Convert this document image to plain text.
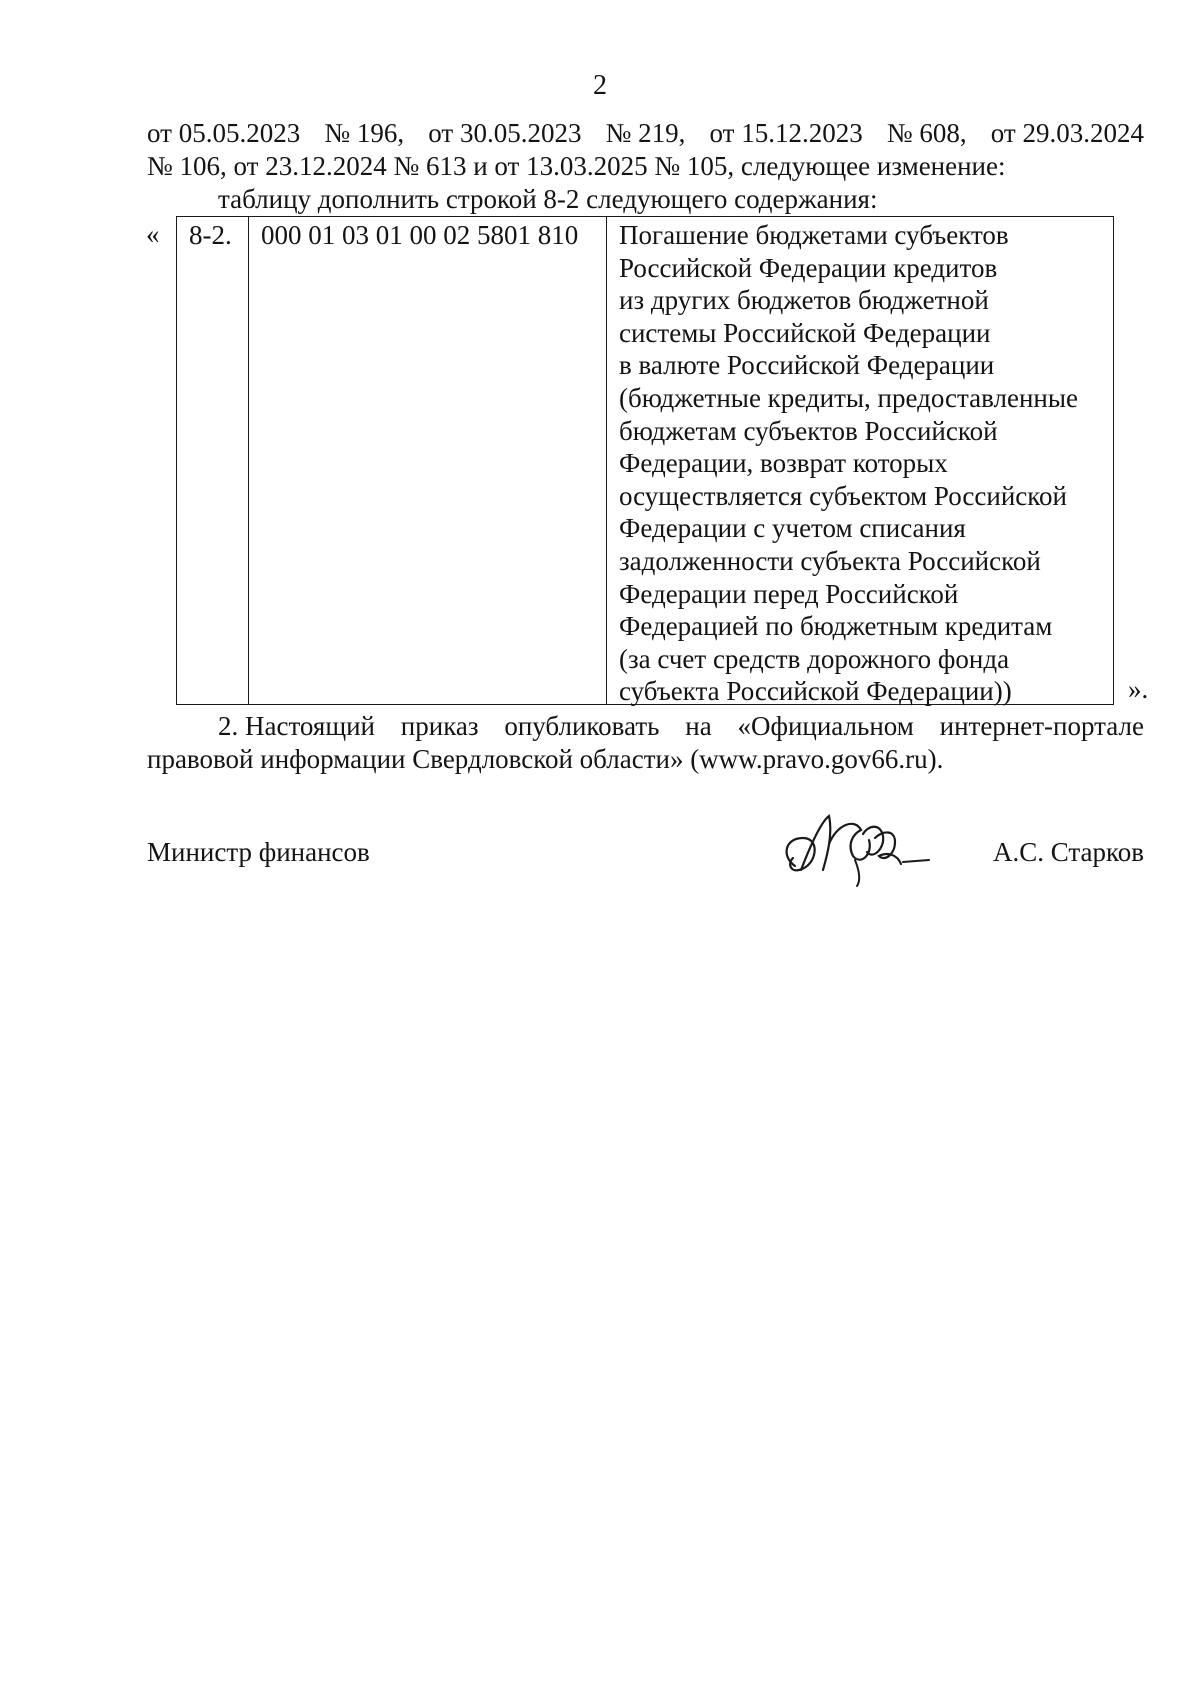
2
от 05.05.2023 № 196, от 30.05.2023 № 219, от 15.12.2023 № 608, от 29.03.2024
№ 106, от 23.12.2024 № 613 и от 13.03.2025 № 105, следующее изменение:
таблицу дополнить строкой 8-2 следующего содержания:
«	8-2.	000 01 03 01 00 02 5801 810	Погашение бюджетами субъектов
Российской Федерации кредитов
из других бюджетов бюджетной
системы Российской Федерации
в валюте Российской Федерации
(бюджетные кредиты, предоставленные
бюджетам субъектов Российской
Федерации, возврат которых
осуществляется субъектом Российской
Федерации с учетом списания
задолженности субъекта Российской
Федерации перед Российской
Федерацией по бюджетным кредитам
(за счет средств дорожного фонда
субъекта Российской Федерации))	».
2. Настоящий приказ опубликовать на «Официальном интернет-портале
правовой информации Свердловской области» (www.pravo.gov66.ru).
Министр финансов	А.С. Старков
